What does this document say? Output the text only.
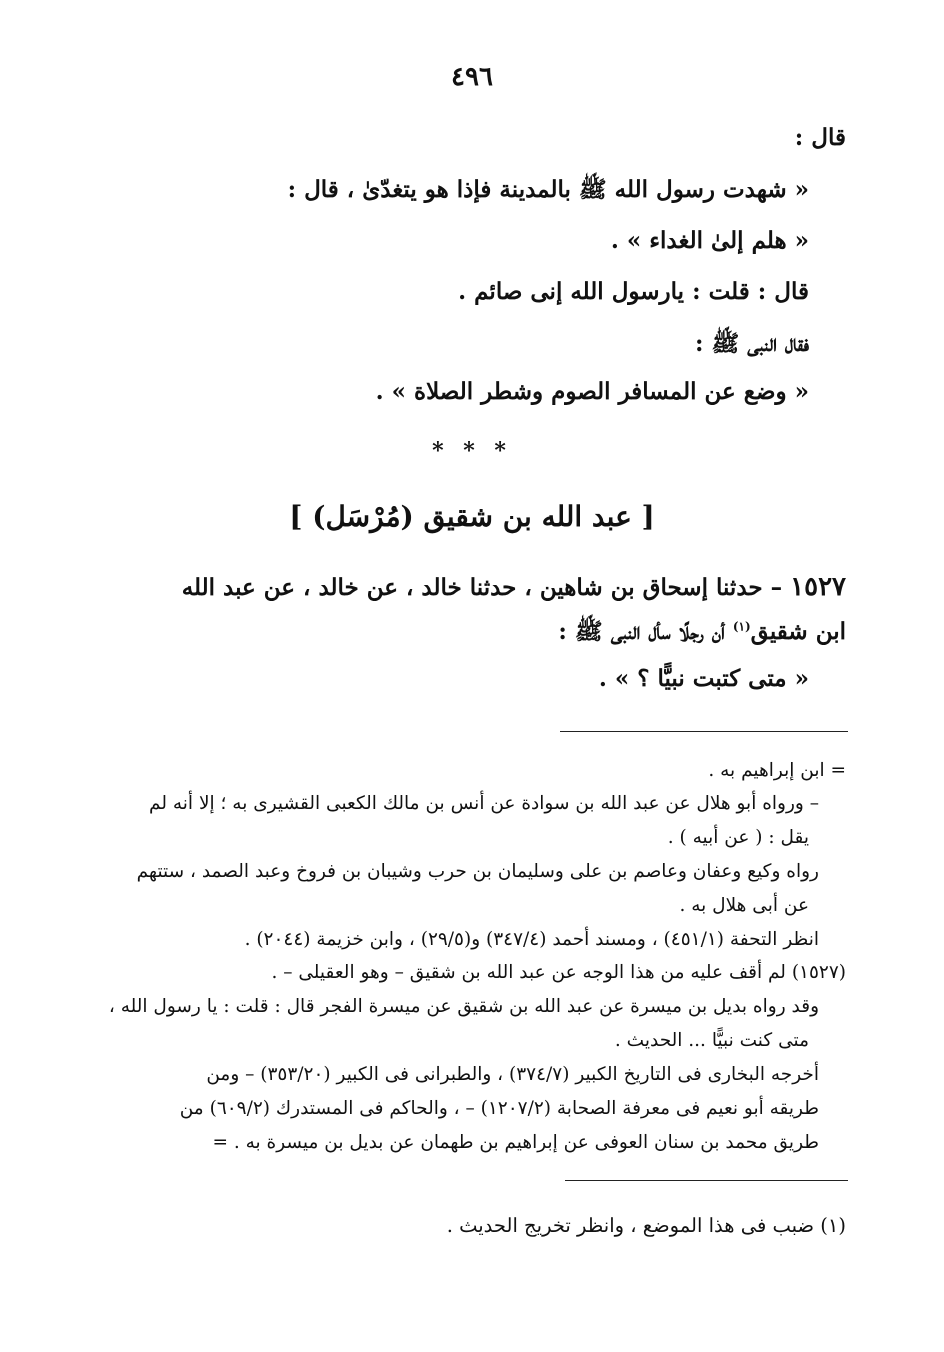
٤٩٦
قال :
« شهدت رسول الله ﷺ بالمدينة فإذا هو يتغدّىٰ ، قال :
« هلم إلىٰ الغداء » .
قال : قلت : يارسول الله إنى صائم .
فقال النبى ﷺ :
« وضع عن المسافر الصوم وشطر الصلاة » .
* * *
[ عبد الله بن شقيق (مُرْسَل) ]
١٥٢٧ – حدثنا إسحاق بن شاهين ، حدثنا خالد ، عن خالد ، عن عبد الله
ابن شقيق$^{(١)}$ أن رجلًا سأل النبى ﷺ :
« متى كتبت نبيًّا ؟ » .
= ابن إبراهيم به .
– ورواه أبو هلال عن عبد الله بن سوادة عن أنس بن مالك الكعبى القشيرى به ؛ إلا أنه لم
يقل : ( عن أبيه ) .
رواه وكيع وعفان وعاصم بن على وسليمان بن حرب وشيبان بن فروخ وعبد الصمد ، ستتهم
عن أبى هلال به .
انظر التحفة (٤٥١/١) ، ومسند أحمد (٣٤٧/٤) و(٢٩/٥) ، وابن خزيمة (٢٠٤٤) .
(١٥٢٧) لم أقف عليه من هذا الوجه عن عبد الله بن شقيق – وهو العقيلى – .
وقد رواه بديل بن ميسرة عن عبد الله بن شقيق عن ميسرة الفجر قال : قلت : يا رسول الله ،
متى كنت نبيًّا ... الحديث .
أخرجه البخارى فى التاريخ الكبير (٣٧٤/٧) ، والطبرانى فى الكبير (٣٥٣/٢٠) – ومن
طريقه أبو نعيم فى معرفة الصحابة (١٢٠٧/٢) – ، والحاكم فى المستدرك (٦٠٩/٢) من
طريق محمد بن سنان العوفى عن إبراهيم بن طهمان عن بديل بن ميسرة به . =
(١) ضبب فى هذا الموضع ، وانظر تخريج الحديث .
